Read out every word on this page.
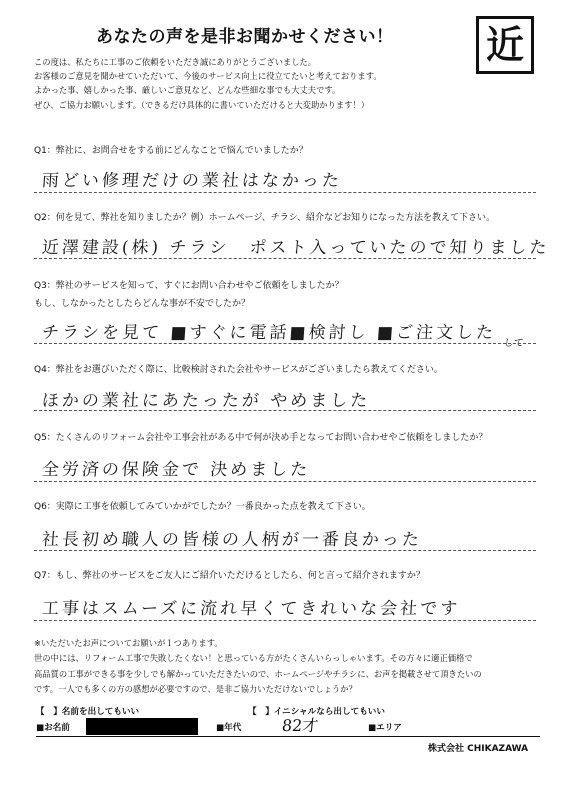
あなたの声を是非お聞かせください！	近
この度は、私たちに工事のご依頼をいただき誠にありがとうございました。
お客様のご意見を聞かせていただいて、今後のサービス向上に役立てたいと考えております。
よかった事、嬉しかった事、厳しいご意見など、どんな些細な事でも大丈夫です。
ぜひ、ご協力お願いします。（できるだけ具体的に書いていただけると大変助かります！）
Q1：弊社に、お問合せをする前にどんなことで悩んでいましたか？
雨どい修理だけの業社はなかった
Q2：何を見て、弊社を知りましたか？例）ホームページ、チラシ、紹介などお知りになった方法を教えて下さい。
近澤建設(株) チラシ　ポスト入っていたので知りました
Q3：弊社のサービスを知って、すぐにお問い合わせやご依頼をしましたか？
もし、しなかったとしたらどんな事が不安でしたか？
チラシを見て ■すぐに電話■検討し ■ご注文した $_{して}$
Q4：弊社をお選びいただく際に、比較検討された会社やサービスがございましたら教えてください。
ほかの業社にあたったが やめました
Q5：たくさんのリフォーム会社や工事会社がある中で何が決め手となってお問い合わせやご依頼をしましたか？
全労済の保険金で 決めました
Q6：実際に工事を依頼してみていかがでしたか？一番良かった点を教えて下さい。
社長初め職人の皆様の人柄が一番良かった
Q7：もし、弊社のサービスをご友人にご紹介いただけるとしたら、何と言って紹介されますか？
工事はスムーズに流れ早くてきれいな会社です
※いただいたお声についてお願いが１つあります。
世の中には、リフォーム工事で失敗したくない！と思っている方がたくさんいらっしゃいます。その方々に適正価格で
高品質の工事ができる事を少しでも解かっていただきたいので、ホームページやチラシに、お声を掲載させて頂きたいの
です。一人でも多くの方の感想が必要ですので、是非ご協力いただけないでしょうか？
【　】名前を出してもいい	【　】イニシャルなら出してもいい
■お名前	■年代 82才	■エリア
株式会社 CHIKAZAWA
